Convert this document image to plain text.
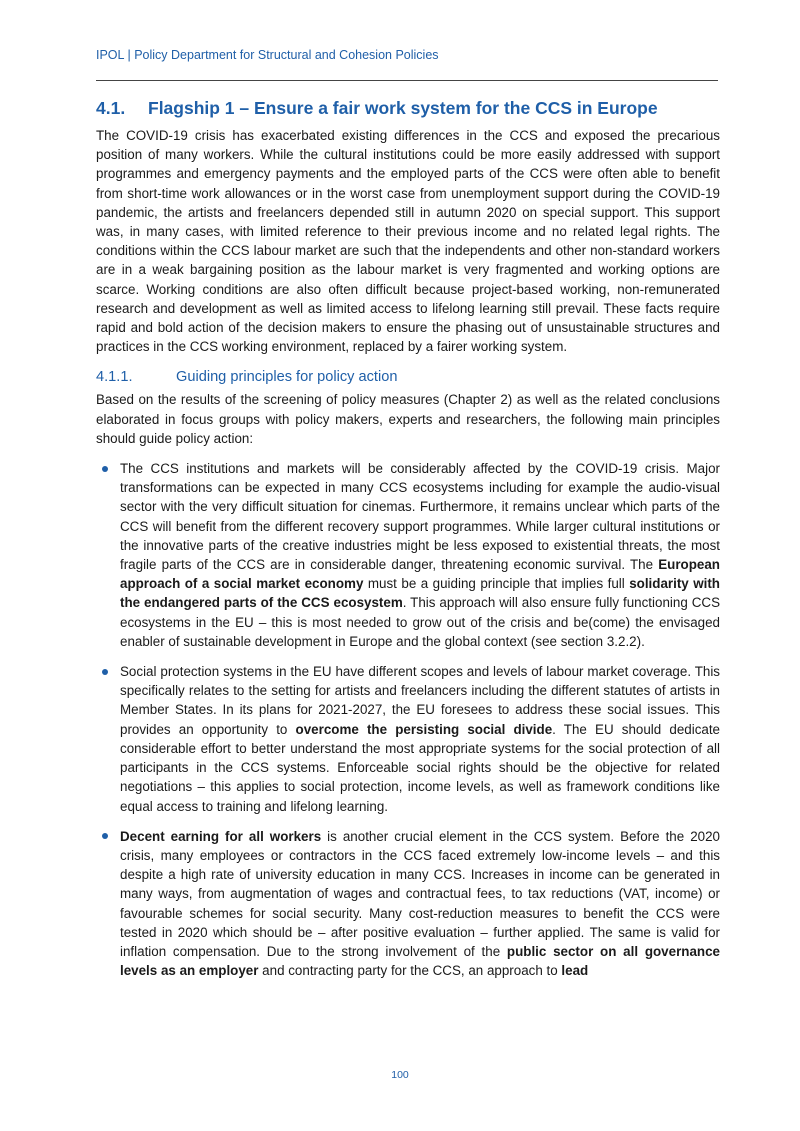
IPOL | Policy Department for Structural and Cohesion Policies
4.1. Flagship 1 – Ensure a fair work system for the CCS in Europe

The COVID-19 crisis has exacerbated existing differences in the CCS and exposed the precarious position of many workers. While the cultural institutions could be more easily addressed with support programmes and emergency payments and the employed parts of the CCS were often able to benefit from short-time work allowances or in the worst case from unemployment support during the COVID-19 pandemic, the artists and freelancers depended still in autumn 2020 on special support. This support was, in many cases, with limited reference to their previous income and no related legal rights. The conditions within the CCS labour market are such that the independents and other non-standard workers are in a weak bargaining position as the labour market is very fragmented and working options are scarce. Working conditions are also often difficult because project-based working, non-remunerated research and development as well as limited access to lifelong learning still prevail. These facts require rapid and bold action of the decision makers to ensure the phasing out of unsustainable structures and practices in the CCS working environment, replaced by a fairer working system.

4.1.1.	Guiding principles for policy action

Based on the results of the screening of policy measures (Chapter 2) as well as the related conclusions elaborated in focus groups with policy makers, experts and researchers, the following main principles should guide policy action:

The CCS institutions and markets will be considerably affected by the COVID-19 crisis. Major transformations can be expected in many CCS ecosystems including for example the audio-visual sector with the very difficult situation for cinemas. Furthermore, it remains unclear which parts of the CCS will benefit from the different recovery support programmes. While larger cultural institutions or the innovative parts of the creative industries might be less exposed to existential threats, the most fragile parts of the CCS are in considerable danger, threatening economic survival. The European approach of a social market economy must be a guiding principle that implies full solidarity with the endangered parts of the CCS ecosystem. This approach will also ensure fully functioning CCS ecosystems in the EU – this is most needed to grow out of the crisis and be(come) the envisaged enabler of sustainable development in Europe and the global context (see section 3.2.2).
Social protection systems in the EU have different scopes and levels of labour market coverage. This specifically relates to the setting for artists and freelancers including the different statutes of artists in Member States. In its plans for 2021-2027, the EU foresees to address these social issues. This provides an opportunity to overcome the persisting social divide. The EU should dedicate considerable effort to better understand the most appropriate systems for the social protection of all participants in the CCS systems. Enforceable social rights should be the objective for related negotiations – this applies to social protection, income levels, as well as framework conditions like equal access to training and lifelong learning.
Decent earning for all workers is another crucial element in the CCS system. Before the 2020 crisis, many employees or contractors in the CCS faced extremely low-income levels – and this despite a high rate of university education in many CCS. Increases in income can be generated in many ways, from augmentation of wages and contractual fees, to tax reductions (VAT, income) or favourable schemes for social security. Many cost-reduction measures to benefit the CCS were tested in 2020 which should be – after positive evaluation – further applied. The same is valid for inflation compensation. Due to the strong involvement of the public sector on all governance levels as an employer and contracting party for the CCS, an approach to lead
100
